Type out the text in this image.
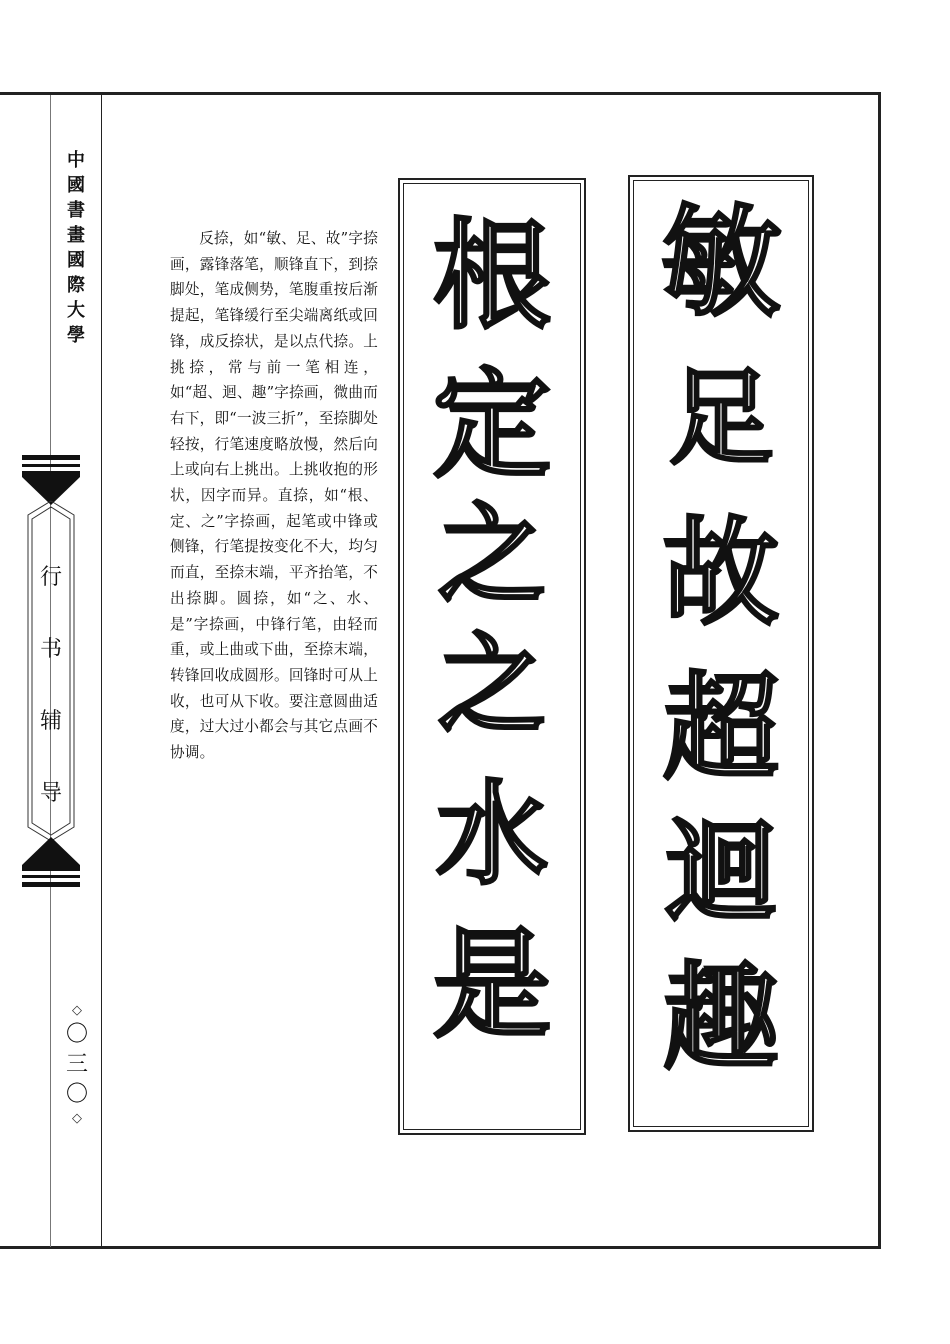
中
國
書
畫
國
際
大
學
行
书
辅
导
◇
〇
三
〇
◇
反捺，如“敏、足、故”字捺画，露锋落笔，顺锋直下，到捺脚处，笔成侧势，笔腹重按后渐提起，笔锋缓行至尖端离纸或回锋，成反捺状，是以点代捺。上挑捺，常与前一笔相连，如“超、迴、趣”字捺画，微曲而右下，即“一波三折”，至捺脚处轻按，行笔速度略放慢，然后向上或向右上挑出。上挑收抱的形状，因字而异。直捺，如“根、定、之”字捺画，起笔或中锋或侧锋，行笔提按变化不大，均匀而直，至捺末端，平齐抬笔，不出捺脚。圆捺，如“之、水、是”字捺画，中锋行笔，由轻而重，或上曲或下曲，至捺末端，转锋回收成圆形。回锋时可从上收，也可从下收。要注意圆曲适度，过大过小都会与其它点画不协调。
根
定
之
之
水
是
敏
足
故
超
迴
趣
